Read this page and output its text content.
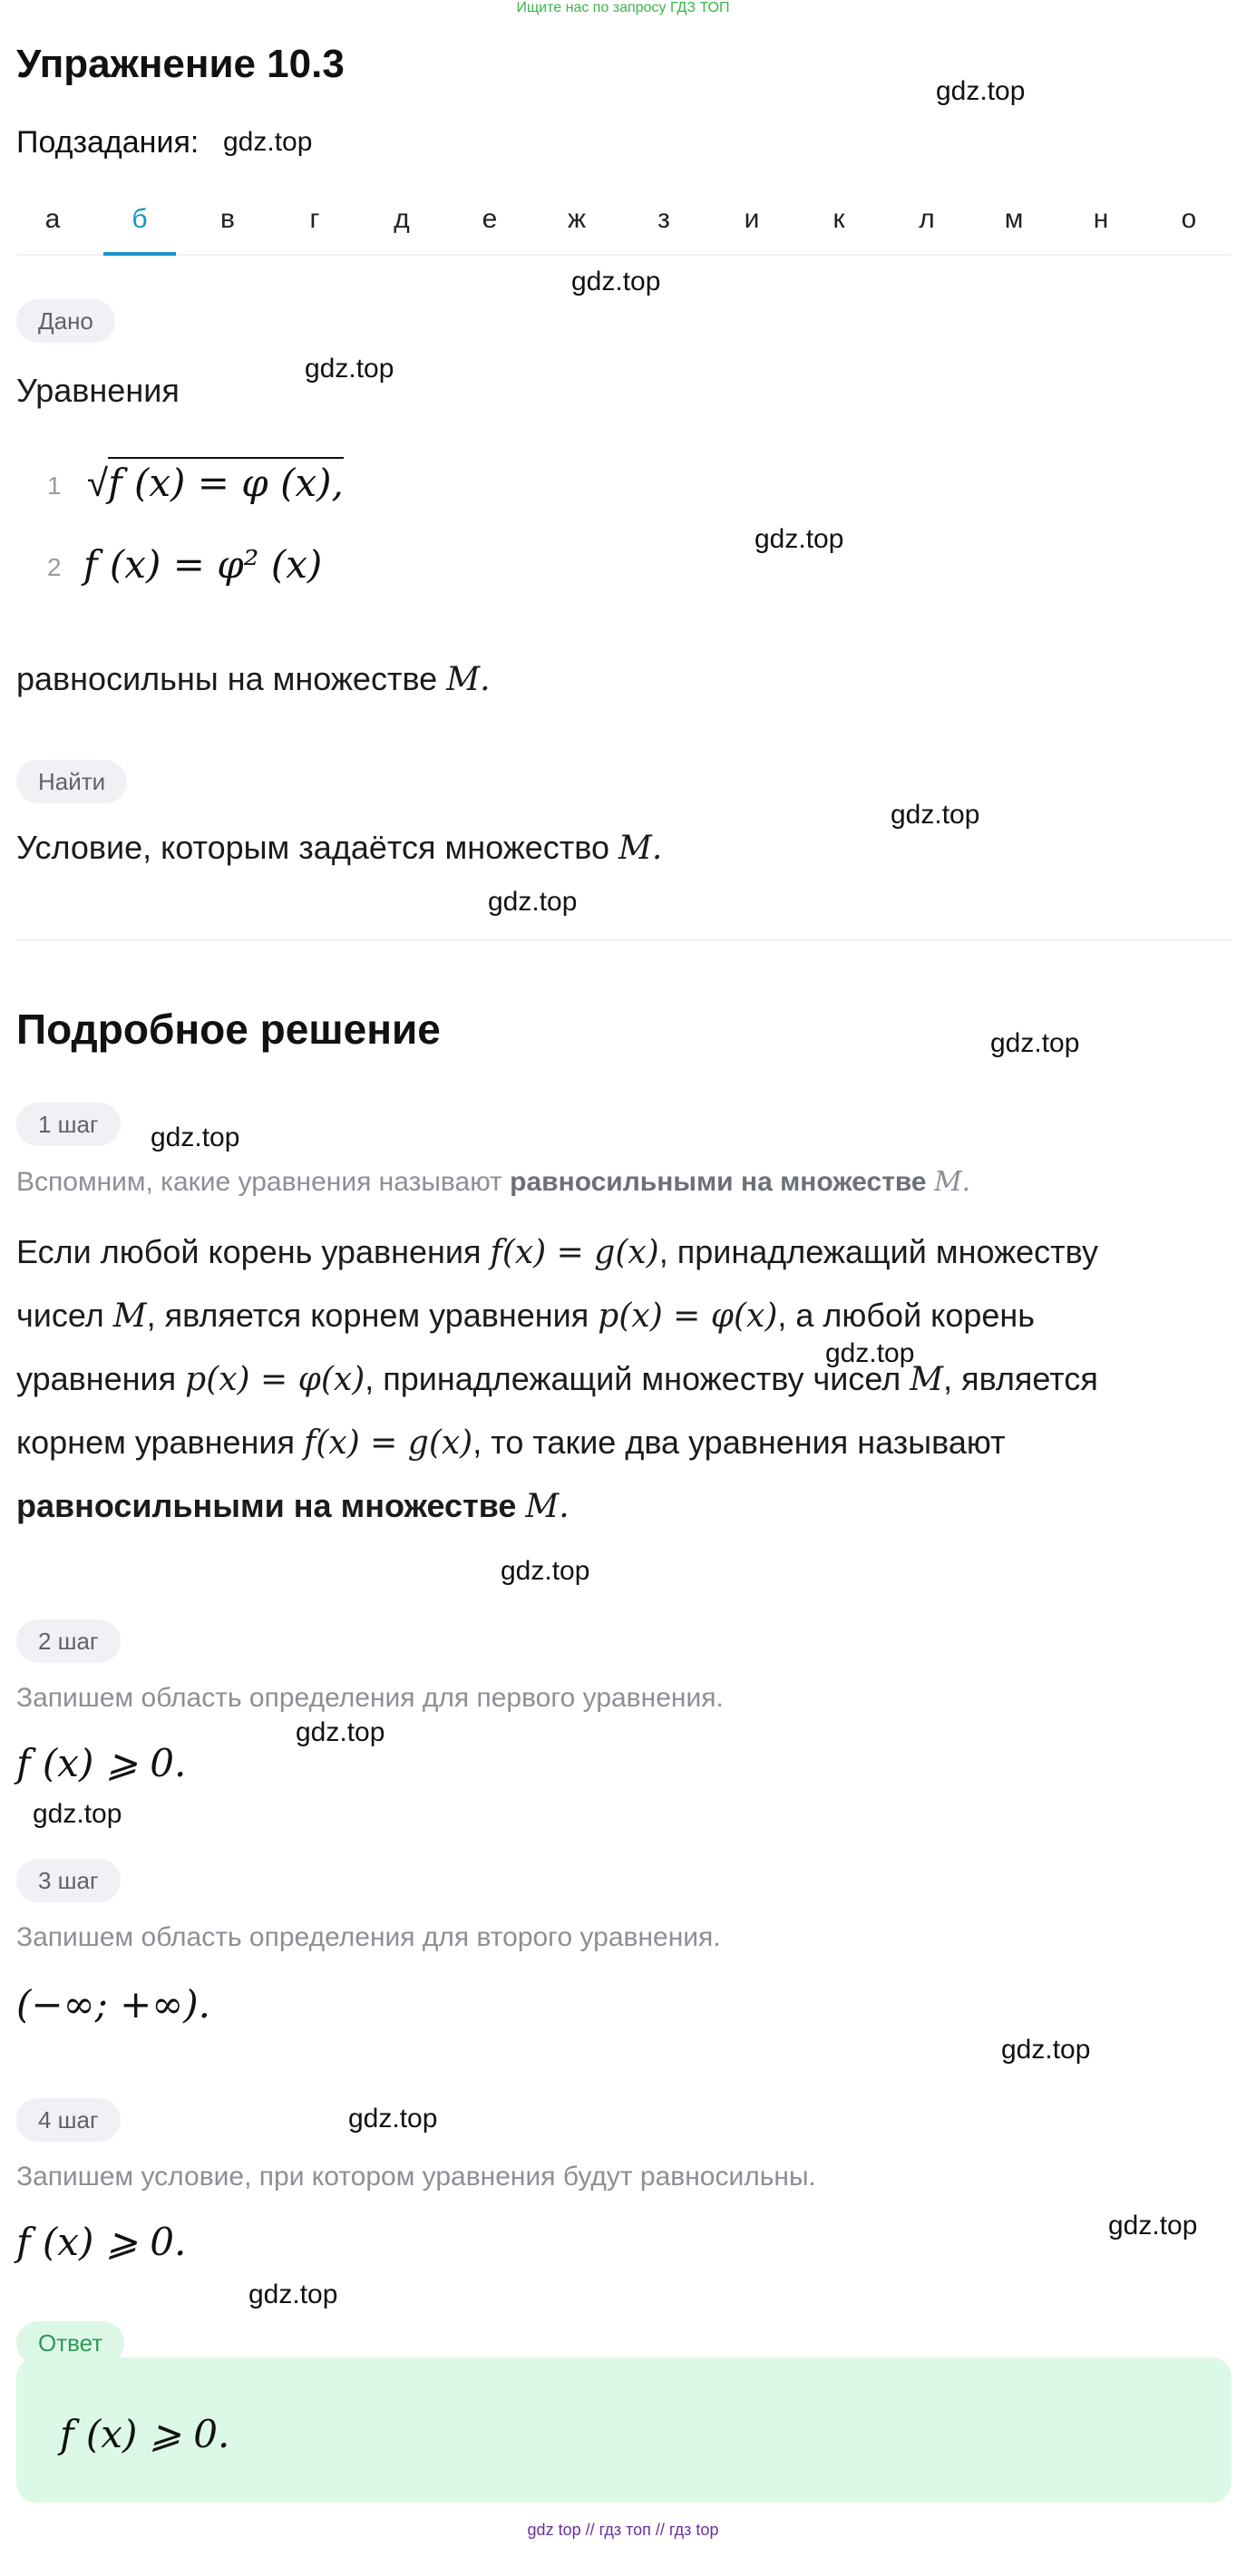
Ищите нас по запросу ГДЗ ТОП
Упражнение 10.3
Подзадания:
gdz.top
gdz.top
gdz.top
gdz.top
gdz.top
gdz.top
gdz.top
gdz.top
gdz.top
gdz.top
gdz.top
gdz.top
gdz.top
gdz.top
gdz.top
gdz.top
gdz.top
а	б	в	г	д	е	ж	з	и	к	л	м	н	о
Дано
Уравнения
1 √f (x) = φ (x),
2 f (x) = φ² (x)
равносильны на множестве M.
Найти
Условие, которым задаётся множество M.
Подробное решение
1 шаг
Вспомним, какие уравнения называют равносильными на множестве M.
Если любой корень уравнения f(x) = g(x), принадлежащий множеству
чисел M, является корнем уравнения p(x) = φ(x), а любой корень
уравнения p(x) = φ(x), принадлежащий множеству чисел M, является
корнем уравнения f(x) = g(x), то такие два уравнения называют
равносильными на множестве M.
2 шаг
Запишем область определения для первого уравнения.
f (x) ⩾ 0.
3 шаг
Запишем область определения для второго уравнения.
(−∞; +∞).
4 шаг
Запишем условие, при котором уравнения будут равносильны.
f (x) ⩾ 0.
Ответ
f (x) ⩾ 0.
gdz top // гдз топ // гдз top
